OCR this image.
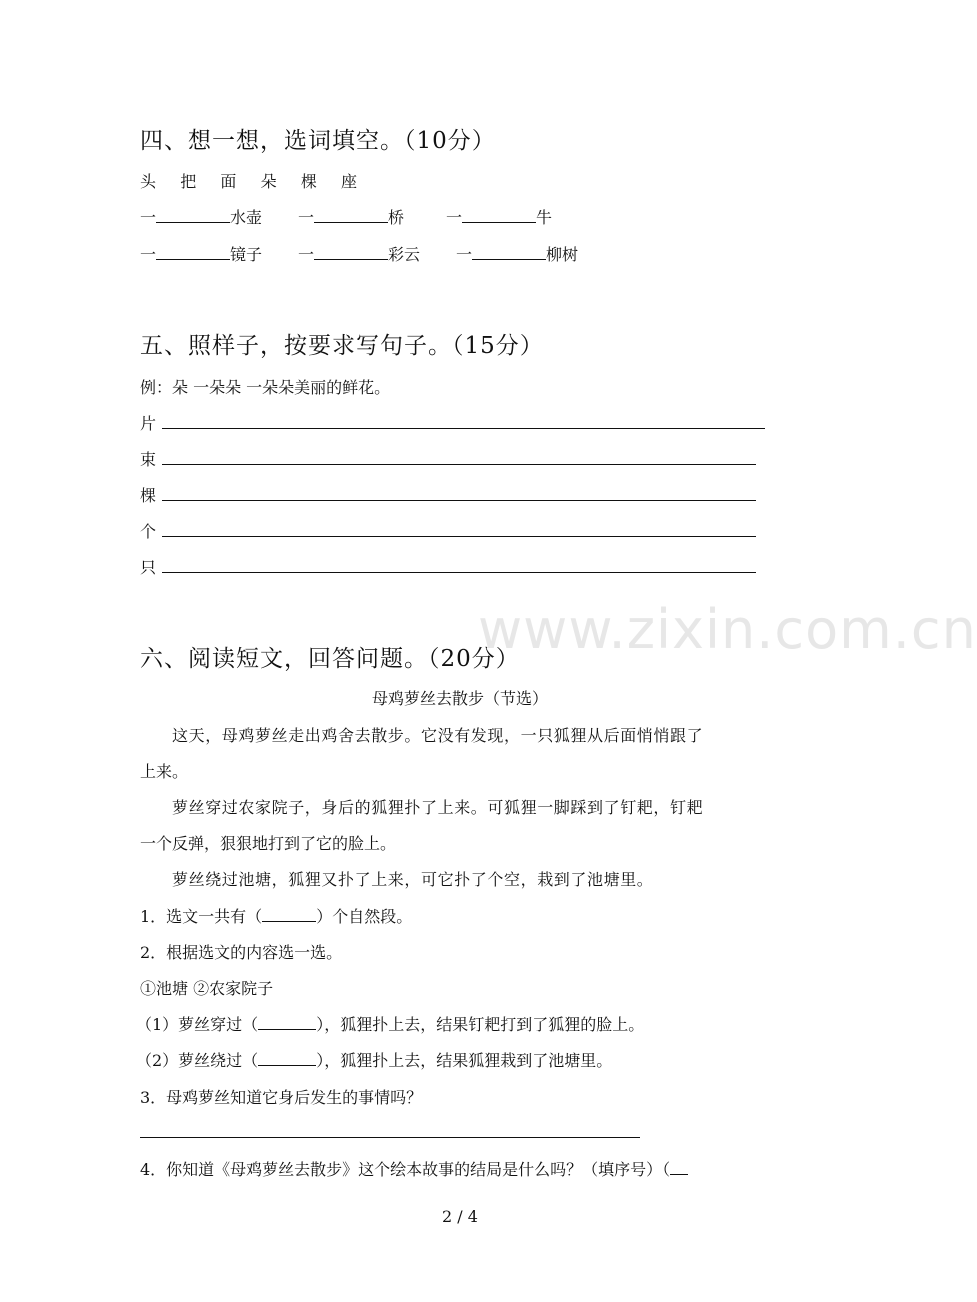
四、想一想，选词填空。（10分）
头 把 面 朵 棵 座
一	水壶 一	桥	一	牛
一	镜子 一	彩云 一	柳树
五、照样子，按要求写句子。（15分）
例：朵 一朵朵 一朵朵美丽的鲜花。
片
束
棵
个
只
www.zixin.com.cn
六、阅读短文，回答问题。（20分）
母鸡萝丝去散步（节选）
这天，母鸡萝丝走出鸡舍去散步。它没有发现，一只狐狸从后面悄悄跟了
上来。
萝丝穿过农家院子，身后的狐狸扑了上来。可狐狸一脚踩到了钉耙，钉耙
一个反弹，狠狠地打到了它的脸上。
萝丝绕过池塘，狐狸又扑了上来，可它扑了个空，栽到了池塘里。
1．选文一共有（	）个自然段。
2．根据选文的内容选一选。
①池塘 ②农家院子
（1）萝丝穿过（	），狐狸扑上去，结果钉耙打到了狐狸的脸上。
（2）萝丝绕过（	），狐狸扑上去，结果狐狸栽到了池塘里。
3．母鸡萝丝知道它身后发生的事情吗？
4．你知道《母鸡萝丝去散步》这个绘本故事的结局是什么吗？（填序号）（
2 / 4
